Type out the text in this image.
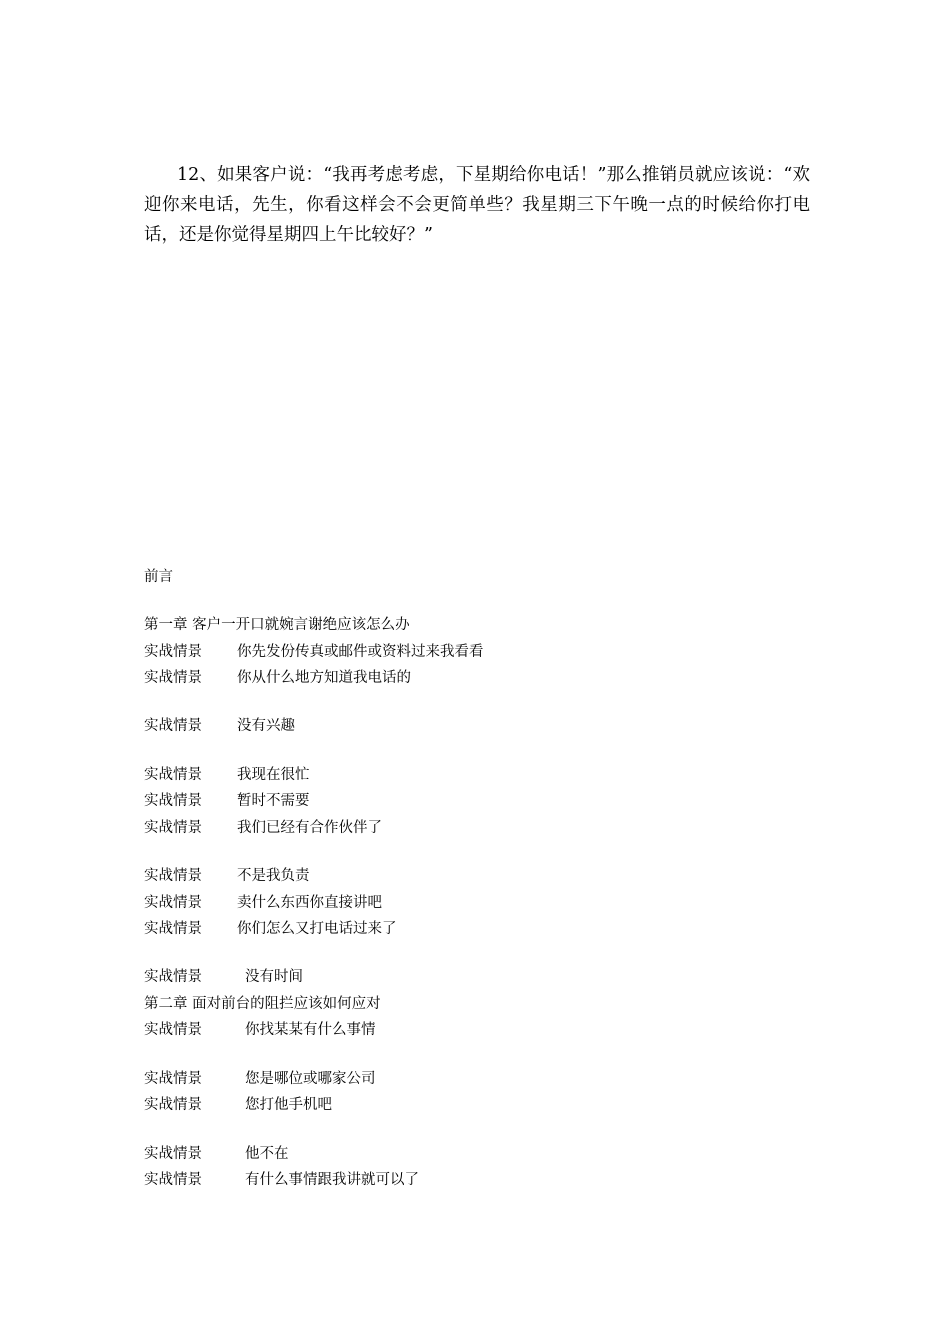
12、如果客户说：“我再考虑考虑，下星期给你电话！”那么推销员就应该说：“欢迎你来电话，先生，你看这样会不会更简单些？我星期三下午晚一点的时候给你打电话，还是你觉得星期四上午比较好？”

前言
第一章 客户一开口就婉言谢绝应该怎么办
实战情景 你先发份传真或邮件或资料过来我看看
实战情景 你从什么地方知道我电话的
实战情景 没有兴趣
实战情景 我现在很忙
实战情景 暂时不需要
实战情景 我们已经有合作伙伴了
实战情景 不是我负责
实战情景 卖什么东西你直接讲吧
实战情景 你们怎么又打电话过来了
实战情景	没有时间
第二章 面对前台的阻拦应该如何应对
实战情景	你找某某有什么事情
实战情景	您是哪位或哪家公司
实战情景	您打他手机吧
实战情景	他不在
实战情景	有什么事情跟我讲就可以了
